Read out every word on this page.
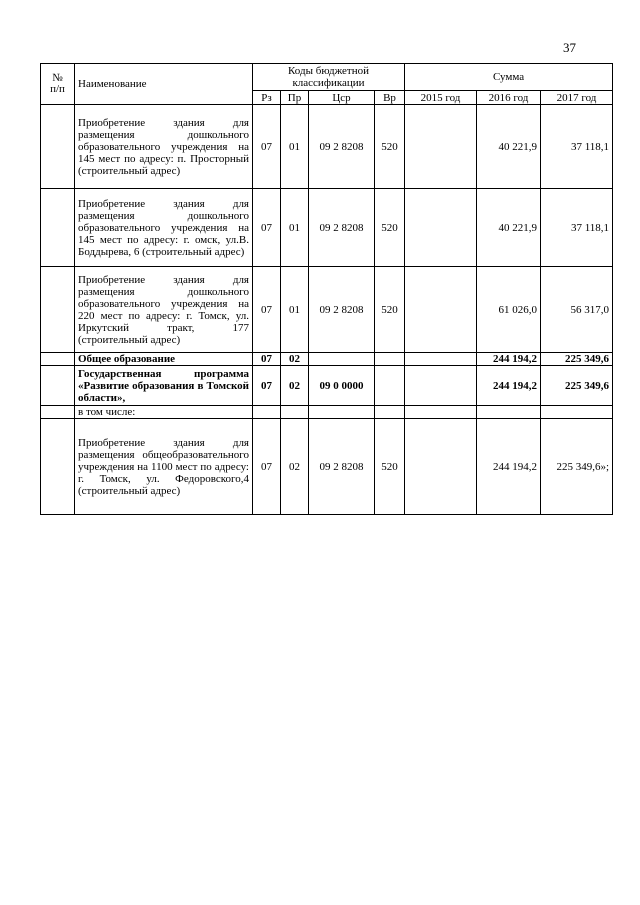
37
№
п/п	Наименование	Коды бюджетной классификации				Сумма		
		Рз	Пр	Цср	Вр	2015 год	2016 год	2017 год

	Приобретение здания для размещения дошкольного образовательного учреждения на 145 мест по адресу: п. Просторный (строительный адрес)	07	01	09 2 8208	520		40 221,9	37 118,1

	Приобретение здания для размещения дошкольного образовательного учреждения на 145 мест по адресу: г. омск, ул.В. Боддырева, 6 (строительный адрес)	07	01	09 2 8208	520		40 221,9	37 118,1

	Приобретение здания для размещения дошкольного образовательного учреждения на 220 мест по адресу: г. Томск, ул. Иркутский тракт, 177 (строительный адрес)	07	01	09 2 8208	520		61 026,0	56 317,0
	Общее образование	07	02				244 194,2	225 349,6

	Государственная программа «Развитие образования в Томской области»,	07	02	09 0 0000			244 194,2	225 349,6
	в том числе:							

	Приобретение здания для размещения общеобразовательного учреждения на 1100 мест по адресу: г. Томск, ул. Федоровского,4 (строительный адрес)	07	02	09 2 8208	520		244 194,2	225 349,6»;
